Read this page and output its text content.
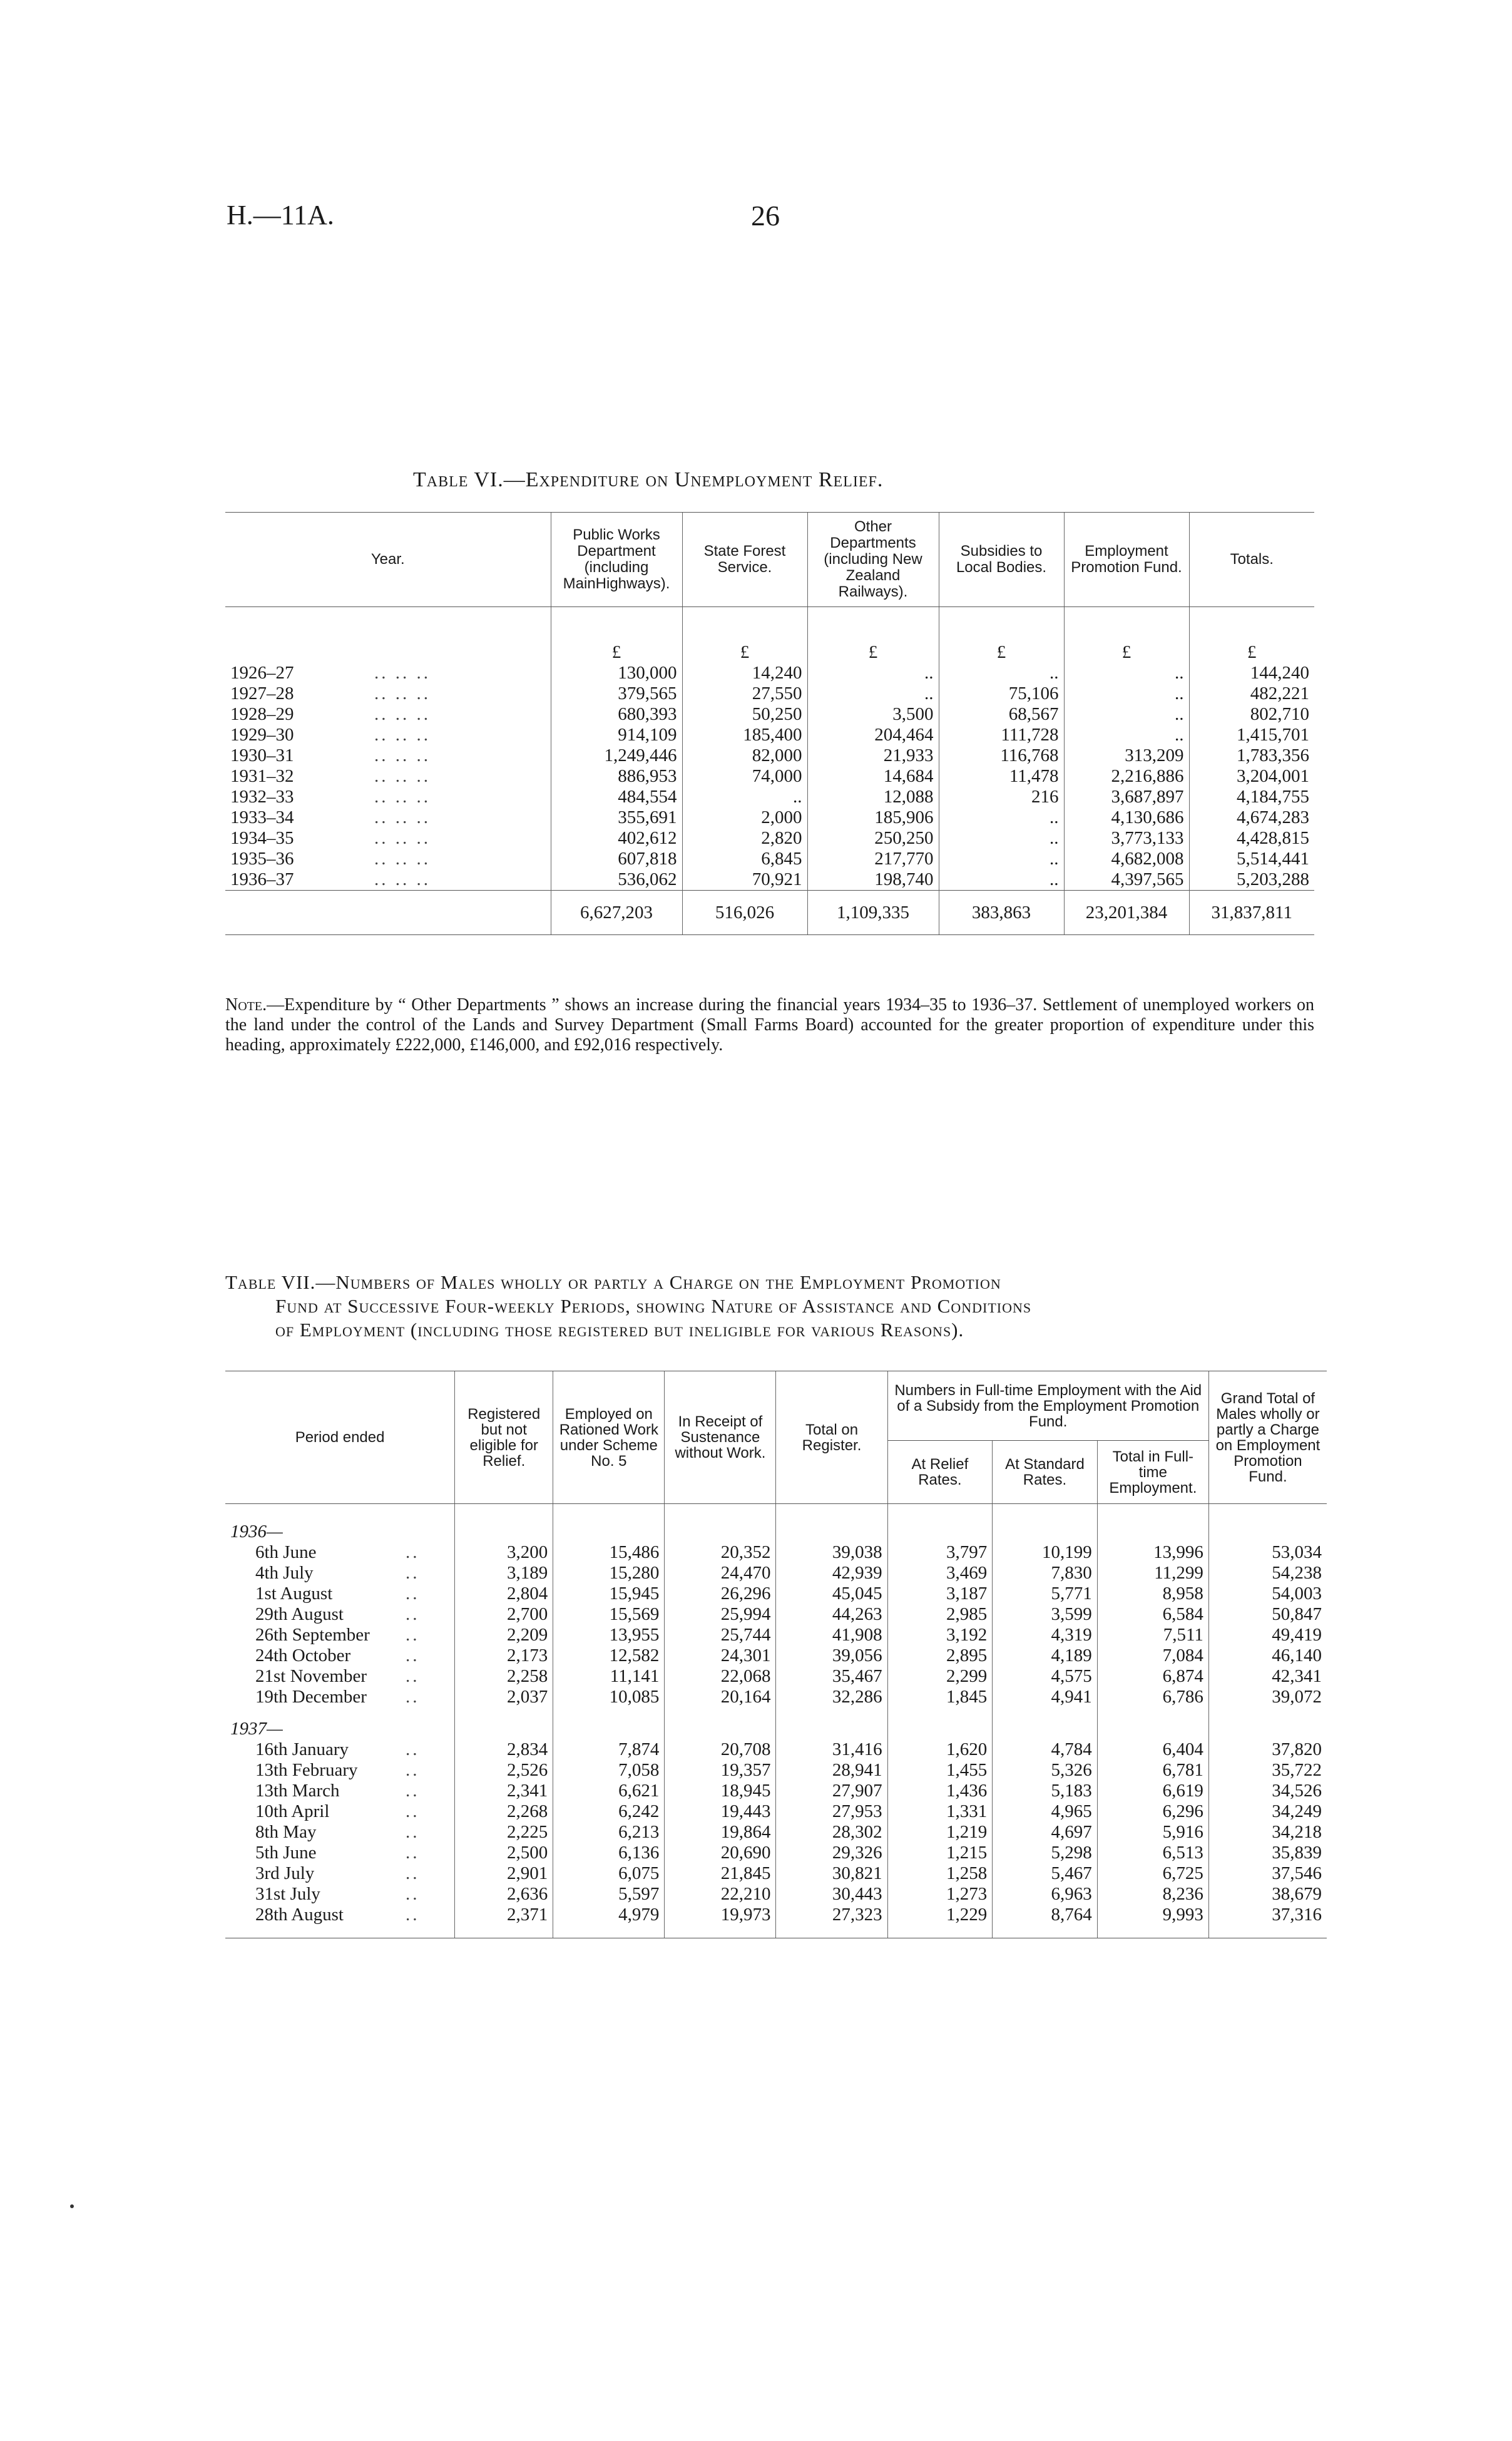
H.—11A.	26
Table VI.—Expenditure on Unemployment Relief.
Year.	Public Works Department (including MainHighways).	State Forest Service.	Other Departments (including New Zealand Railways).	Subsidies to Local Bodies.	Employment Promotion Fund.	Totals.
	£	£	£	£	£	£
1926–27 .. .. ..	130,000	14,240	..	..	..	144,240
1927–28 .. .. ..	379,565	27,550	..	75,106	..	482,221
1928–29 .. .. ..	680,393	50,250	3,500	68,567	..	802,710
1929–30 .. .. ..	914,109	185,400	204,464	111,728	..	1,415,701
1930–31 .. .. ..	1,249,446	82,000	21,933	116,768	313,209	1,783,356
1931–32 .. .. ..	886,953	74,000	14,684	11,478	2,216,886	3,204,001
1932–33 .. .. ..	484,554	..	12,088	216	3,687,897	4,184,755
1933–34 .. .. ..	355,691	2,000	185,906	..	4,130,686	4,674,283
1934–35 .. .. ..	402,612	2,820	250,250	..	3,773,133	4,428,815
1935–36 .. .. ..	607,818	6,845	217,770	..	4,682,008	5,514,441
1936–37 .. .. ..	536,062	70,921	198,740	..	4,397,565	5,203,288
	6,627,203	516,026	1,109,335	383,863	23,201,384	31,837,811
Note.—Expenditure by “ Other Departments ” shows an increase during the financial years 1934–35 to 1936–37. Settlement of unemployed workers on the land under the control of the Lands and Survey Department (Small Farms Board) accounted for the greater proportion of expenditure under this heading, approximately £222,000, £146,000, and £92,016 respectively.
Table VII.—Numbers of Males wholly or partly a Charge on the Employment Promotion
Fund at Successive Four-weekly Periods, showing Nature of Assistance and Conditions
of Employment (including those registered but ineligible for various Reasons).
Period ended	Registered but not eligible for Relief.	Employed on Rationed Work under Scheme No. 5	In Receipt of Sustenance without Work.	Total on Register.	Numbers in Full-time Employment with the Aid of a Subsidy from the Employment Promotion Fund.			Grand Total of Males wholly or partly a Charge on Employment Promotion Fund.
					At Relief Rates.	At Standard Rates.	Total in Full-time Employment.	
1936—								
6th June ..	3,200	15,486	20,352	39,038	3,797	10,199	13,996	53,034
4th July ..	3,189	15,280	24,470	42,939	3,469	7,830	11,299	54,238
1st August ..	2,804	15,945	26,296	45,045	3,187	5,771	8,958	54,003
29th August ..	2,700	15,569	25,994	44,263	2,985	3,599	6,584	50,847
26th September ..	2,209	13,955	25,744	41,908	3,192	4,319	7,511	49,419
24th October ..	2,173	12,582	24,301	39,056	2,895	4,189	7,084	46,140
21st November ..	2,258	11,141	22,068	35,467	2,299	4,575	6,874	42,341
19th December ..	2,037	10,085	20,164	32,286	1,845	4,941	6,786	39,072
1937—								
16th January ..	2,834	7,874	20,708	31,416	1,620	4,784	6,404	37,820
13th February ..	2,526	7,058	19,357	28,941	1,455	5,326	6,781	35,722
13th March ..	2,341	6,621	18,945	27,907	1,436	5,183	6,619	34,526
10th April ..	2,268	6,242	19,443	27,953	1,331	4,965	6,296	34,249
8th May ..	2,225	6,213	19,864	28,302	1,219	4,697	5,916	34,218
5th June ..	2,500	6,136	20,690	29,326	1,215	5,298	6,513	35,839
3rd July ..	2,901	6,075	21,845	30,821	1,258	5,467	6,725	37,546
31st July ..	2,636	5,597	22,210	30,443	1,273	6,963	8,236	38,679
28th August ..	2,371	4,979	19,973	27,323	1,229	8,764	9,993	37,316
